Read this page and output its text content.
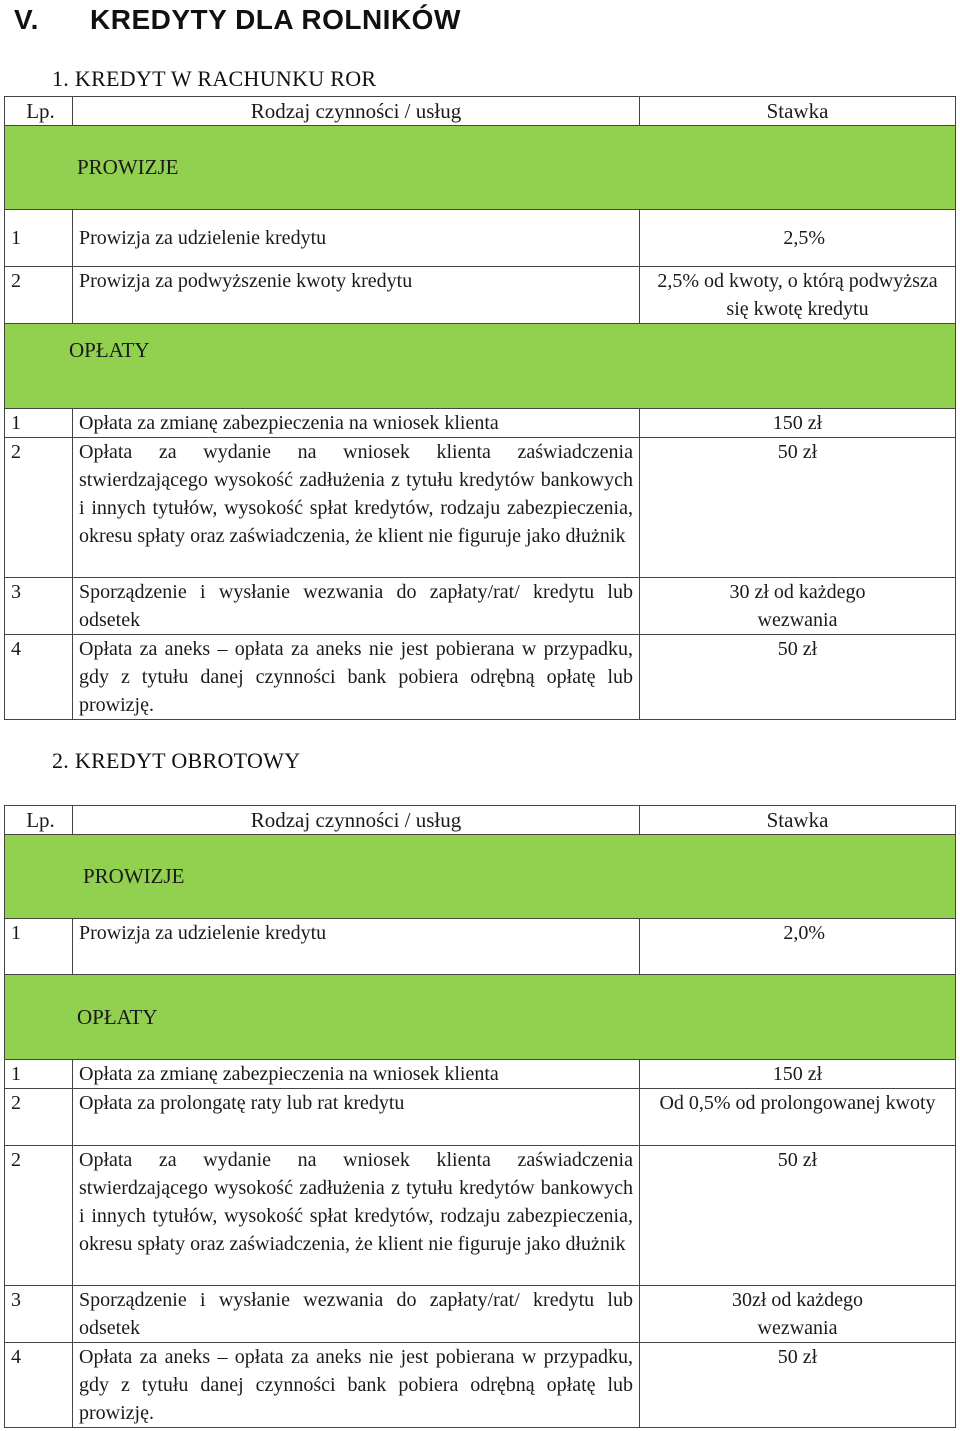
V. KREDYTY DLA ROLNIKÓW
1. KREDYT W RACHUNKU ROR
Lp.	Rodzaj czynności / usług	Stawka
PROWIZJE		
1	Prowizja za udzielenie kredytu	2,5%
2	Prowizja za podwyższenie kwoty kredytu	2,5% od kwoty, o którą podwyższa się kwotę kredytu
OPŁATY		
1	Opłata za zmianę zabezpieczenia na wniosek klienta	150 zł
2	Opłata za wydanie na wniosek klienta zaświadczenia stwierdzającego wysokość zadłużenia z tytułu kredytów bankowych i innych tytułów, wysokość spłat kredytów, rodzaju zabezpieczenia, okresu spłaty oraz zaświadczenia, że klient nie figuruje jako dłużnik	50 zł
3	Sporządzenie i wysłanie wezwania do zapłaty/rat/ kredytu lub odsetek	30 zł od każdego wezwania
4	Opłata za aneks – opłata za aneks nie jest pobierana w przypadku, gdy z tytułu danej czynności bank pobiera odrębną opłatę lub prowizję.	50 zł
2. KREDYT OBROTOWY
Lp.	Rodzaj czynności / usług	Stawka
PROWIZJE		
1	Prowizja za udzielenie kredytu	2,0%
OPŁATY		
1	Opłata za zmianę zabezpieczenia na wniosek klienta	150 zł
2	Opłata za prolongatę raty lub rat kredytu	Od 0,5% od prolongowanej kwoty
2	Opłata za wydanie na wniosek klienta zaświadczenia stwierdzającego wysokość zadłużenia z tytułu kredytów bankowych i innych tytułów, wysokość spłat kredytów, rodzaju zabezpieczenia, okresu spłaty oraz zaświadczenia, że klient nie figuruje jako dłużnik	50 zł
3	Sporządzenie i wysłanie wezwania do zapłaty/rat/ kredytu lub odsetek	30zł od każdego wezwania
4	Opłata za aneks – opłata za aneks nie jest pobierana w przypadku, gdy z tytułu danej czynności bank pobiera odrębną opłatę lub prowizję.	50 zł
